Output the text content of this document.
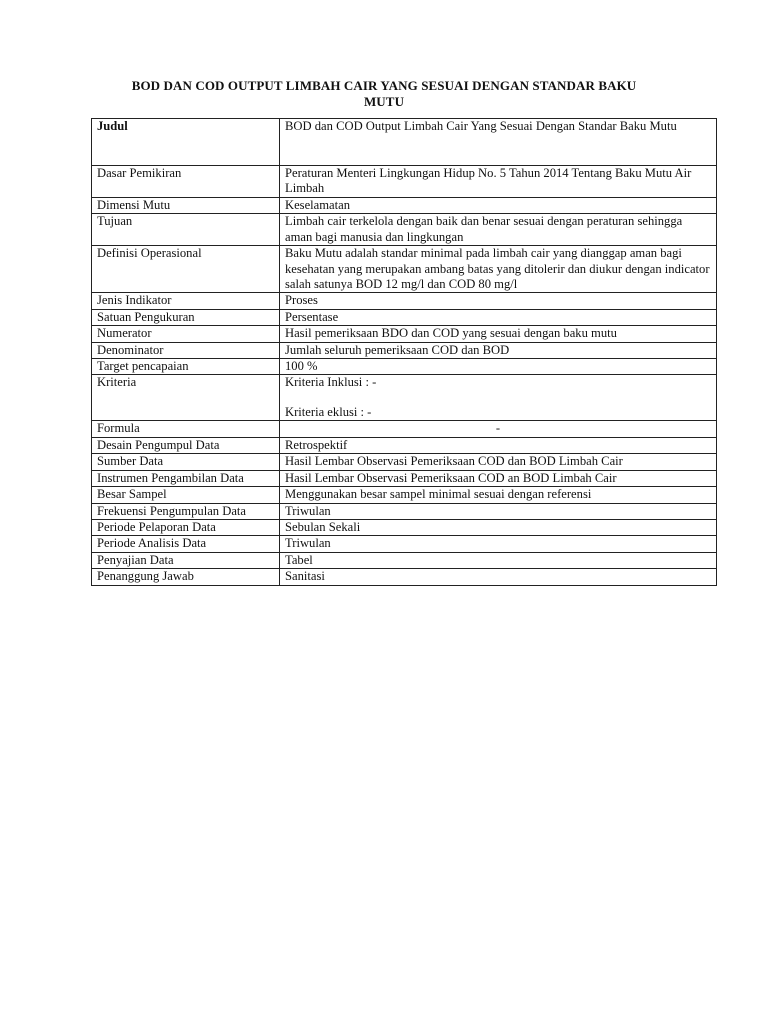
BOD DAN COD OUTPUT LIMBAH CAIR YANG SESUAI DENGAN STANDAR BAKU
MUTU
Judul	BOD dan COD Output Limbah Cair Yang Sesuai Dengan Standar Baku Mutu
Dasar Pemikiran	Peraturan Menteri Lingkungan Hidup No. 5 Tahun 2014 Tentang Baku Mutu Air Limbah
Dimensi Mutu	Keselamatan
Tujuan	Limbah cair terkelola dengan baik dan benar sesuai dengan peraturan sehingga aman bagi manusia dan lingkungan
Definisi Operasional	Baku Mutu adalah standar minimal pada limbah cair yang dianggap aman bagi kesehatan yang merupakan ambang batas yang ditolerir dan diukur dengan indicator salah satunya BOD 12 mg/l dan COD 80 mg/l
Jenis Indikator	Proses
Satuan Pengukuran	Persentase
Numerator	Hasil pemeriksaan BDO dan COD yang sesuai dengan baku mutu
Denominator	Jumlah seluruh pemeriksaan COD dan BOD
Target pencapaian	100 %
Kriteria	Kriteria Inklusi : -
Kriteria eklusi : -

Formula	-
Desain Pengumpul Data	Retrospektif
Sumber Data	Hasil Lembar Observasi Pemeriksaan COD dan BOD Limbah Cair
Instrumen Pengambilan Data	Hasil Lembar Observasi Pemeriksaan COD an BOD Limbah Cair
Besar Sampel	Menggunakan besar sampel minimal sesuai dengan referensi
Frekuensi Pengumpulan Data	Triwulan
Periode Pelaporan Data	Sebulan Sekali
Periode Analisis Data	Triwulan
Penyajian Data	Tabel
Penanggung Jawab	Sanitasi
